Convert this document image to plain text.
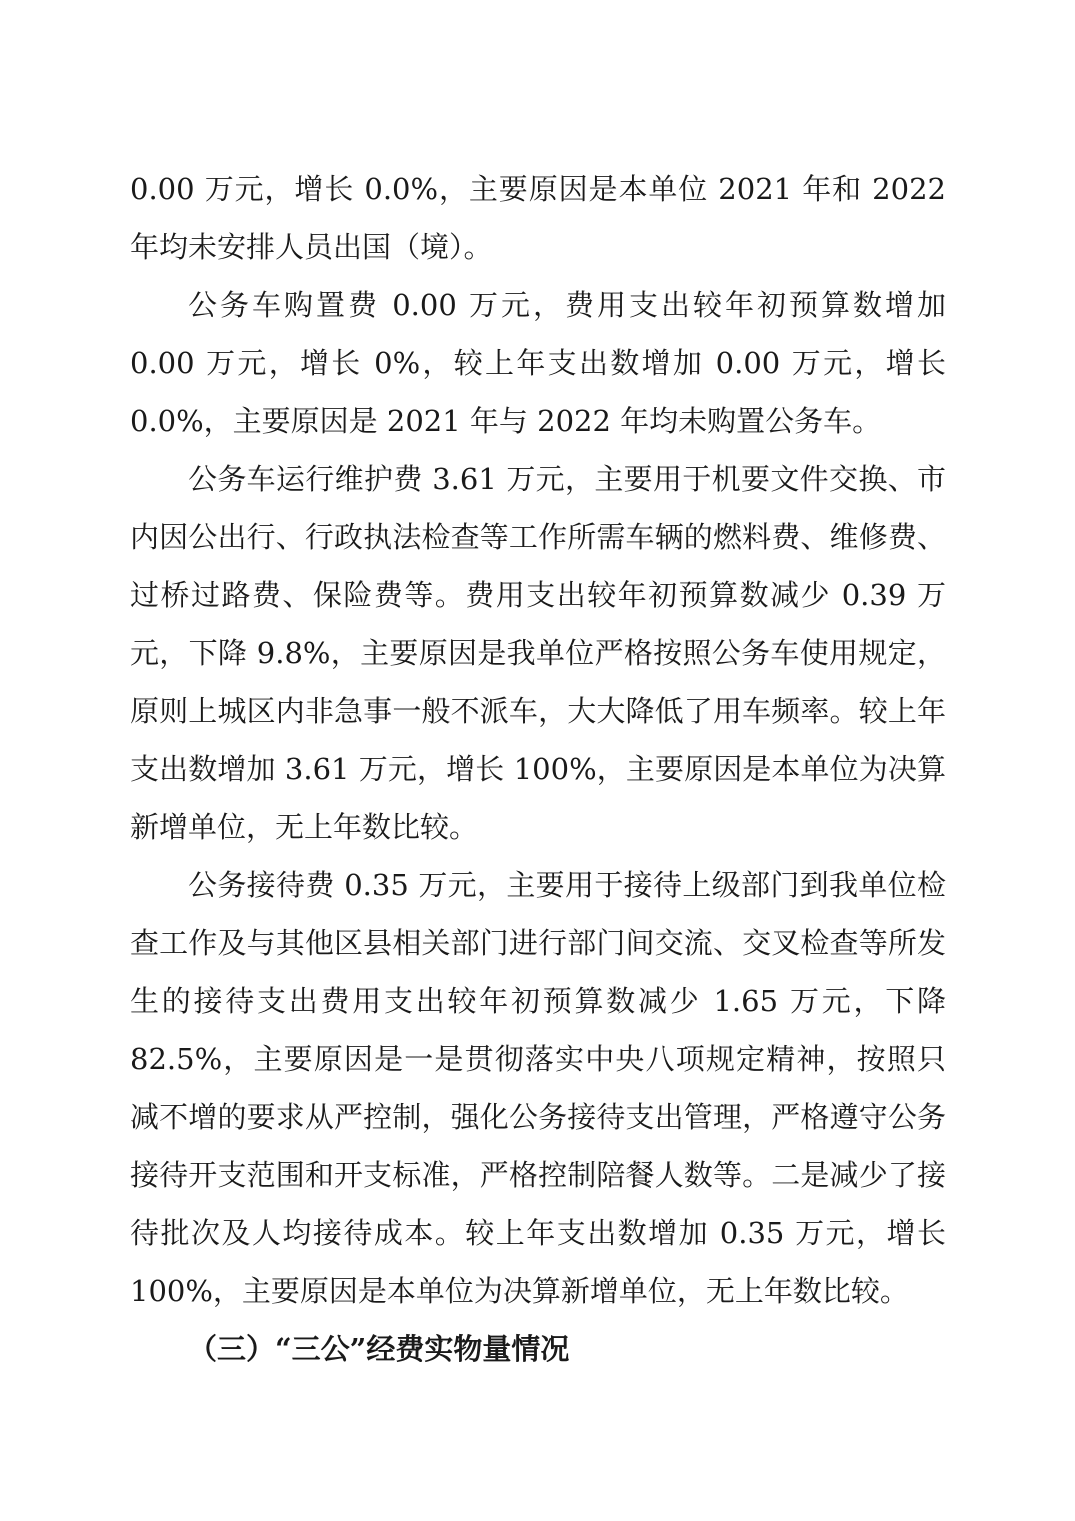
0.00 万元，增长 0.0%，主要原因是本单位 2021 年和 2022 年均未安排人员出国（境）。

公务车购置费 0.00 万元，费用支出较年初预算数增加 0.00 万元，增长 0%，较上年支出数增加 0.00 万元，增长 0.0%，主要原因是 2021 年与 2022 年均未购置公务车。

公务车运行维护费 3.61 万元，主要用于机要文件交换、市内因公出行、行政执法检查等工作所需车辆的燃料费、维修费、过桥过路费、保险费等。费用支出较年初预算数减少 0.39 万元，下降 9.8%，主要原因是我单位严格按照公务车使用规定，原则上城区内非急事一般不派车，大大降低了用车频率。较上年支出数增加 3.61 万元，增长 100%，主要原因是本单位为决算新增单位，无上年数比较。

公务接待费 0.35 万元，主要用于接待上级部门到我单位检查工作及与其他区县相关部门进行部门间交流、交叉检查等所发生的接待支出费用支出较年初预算数减少 1.65 万元，下降 82.5%，主要原因是一是贯彻落实中央八项规定精神，按照只减不增的要求从严控制，强化公务接待支出管理，严格遵守公务接待开支范围和开支标准，严格控制陪餐人数等。二是减少了接待批次及人均接待成本。较上年支出数增加 0.35 万元，增长 100%，主要原因是本单位为决算新增单位，无上年数比较。

（三）“三公”经费实物量情况
